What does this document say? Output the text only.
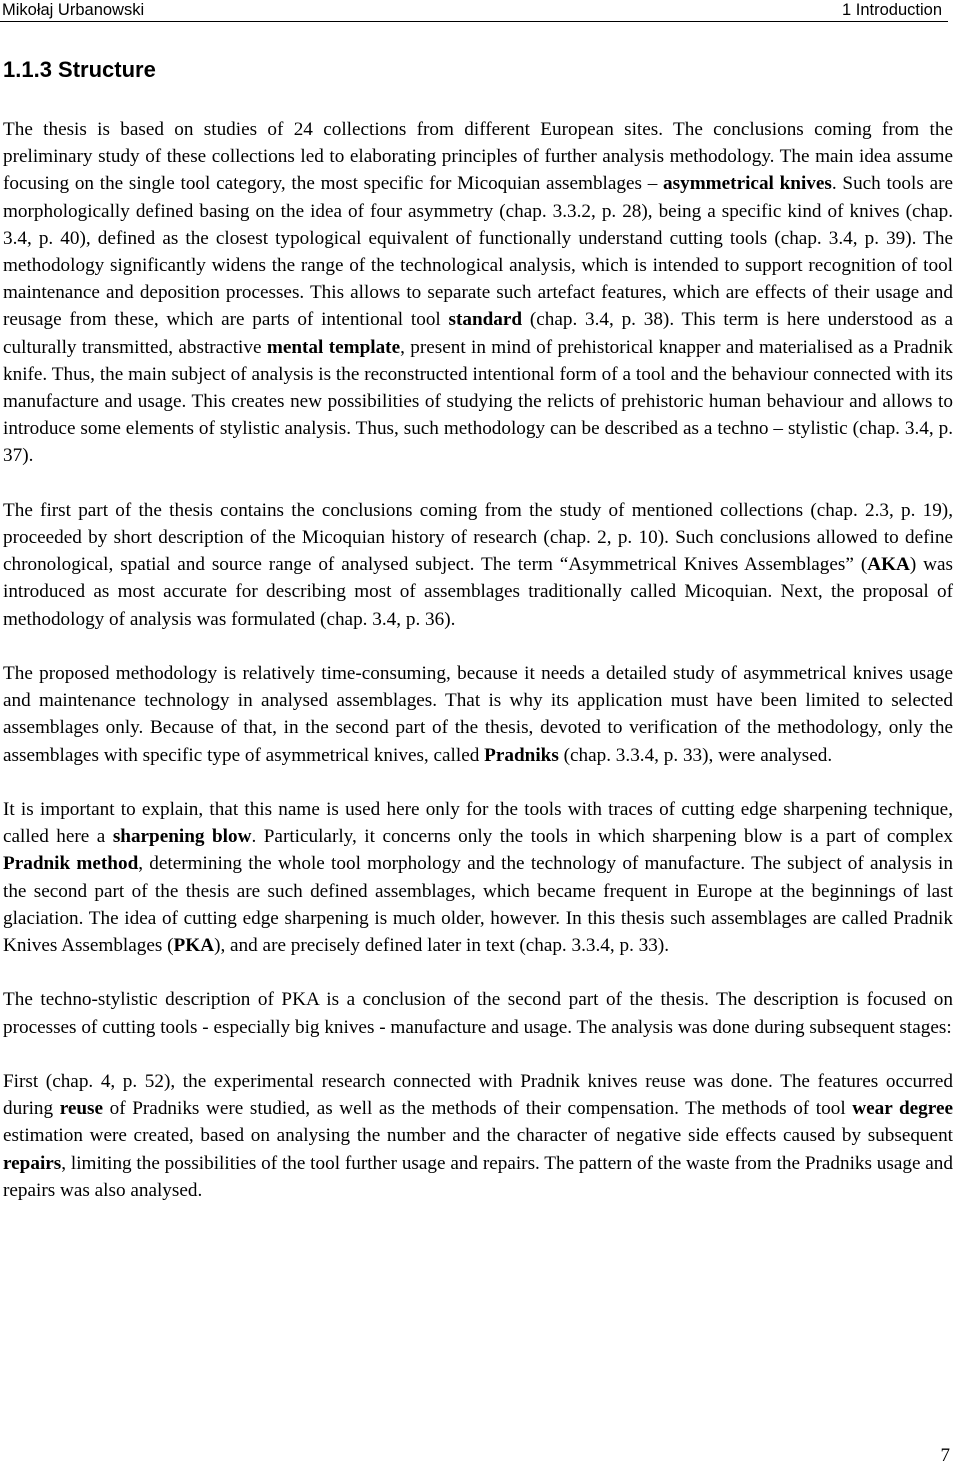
Mikołaj Urbanowski	1 Introduction
1.1.3 Structure

The thesis is based on studies of 24 collections from different European sites. The conclusions coming from the preliminary study of these collections led to elaborating principles of further analysis methodology. The main idea assume focusing on the single tool category, the most specific for Micoquian assemblages – asymmetrical knives. Such tools are morphologically defined basing on the idea of four asymmetry (chap. 3.3.2, p. 28), being a specific kind of knives (chap. 3.4, p. 40), defined as the closest typological equivalent of functionally understand cutting tools (chap. 3.4, p. 39). The methodology significantly widens the range of the technological analysis, which is intended to support recognition of tool maintenance and deposition processes. This allows to separate such artefact features, which are effects of their usage and reusage from these, which are parts of intentional tool standard (chap. 3.4, p. 38). This term is here understood as a culturally transmitted, abstractive mental template, present in mind of prehistorical knapper and materialised as a Pradnik knife. Thus, the main subject of analysis is the reconstructed intentional form of a tool and the behaviour connected with its manufacture and usage. This creates new possibilities of studying the relicts of prehistoric human behaviour and allows to introduce some elements of stylistic analysis. Thus, such methodology can be described as a techno – stylistic (chap. 3.4, p. 37).

The first part of the thesis contains the conclusions coming from the study of mentioned collections (chap. 2.3, p. 19), proceeded by short description of the Micoquian history of research (chap. 2, p. 10). Such conclusions allowed to define chronological, spatial and source range of analysed subject. The term “Asymmetrical Knives Assemblages” (AKA) was introduced as most accurate for describing most of assemblages traditionally called Micoquian. Next, the proposal of methodology of analysis was formulated (chap. 3.4, p. 36).

The proposed methodology is relatively time-consuming, because it needs a detailed study of asymmetrical knives usage and maintenance technology in analysed assemblages. That is why its application must have been limited to selected assemblages only. Because of that, in the second part of the thesis, devoted to verification of the methodology, only the assemblages with specific type of asymmetrical knives, called Pradniks (chap. 3.3.4, p. 33), were analysed.

It is important to explain, that this name is used here only for the tools with traces of cutting edge sharpening technique, called here a sharpening blow. Particularly, it concerns only the tools in which sharpening blow is a part of complex Pradnik method, determining the whole tool morphology and the technology of manufacture. The subject of analysis in the second part of the thesis are such defined assemblages, which became frequent in Europe at the beginnings of last glaciation. The idea of cutting edge sharpening is much older, however. In this thesis such assemblages are called Pradnik Knives Assemblages (PKA), and are precisely defined later in text (chap. 3.3.4, p. 33).

The techno-stylistic description of PKA is a conclusion of the second part of the thesis. The description is focused on processes of cutting tools - especially big knives - manufacture and usage. The analysis was done during subsequent stages:

First (chap. 4, p. 52), the experimental research connected with Pradnik knives reuse was done. The features occurred during reuse of Pradniks were studied, as well as the methods of their compensation. The methods of tool wear degree estimation were created, based on analysing the number and the character of negative side effects caused by subsequent repairs, limiting the possibilities of the tool further usage and repairs. The pattern of the waste from the Pradniks usage and repairs was also analysed.

7
